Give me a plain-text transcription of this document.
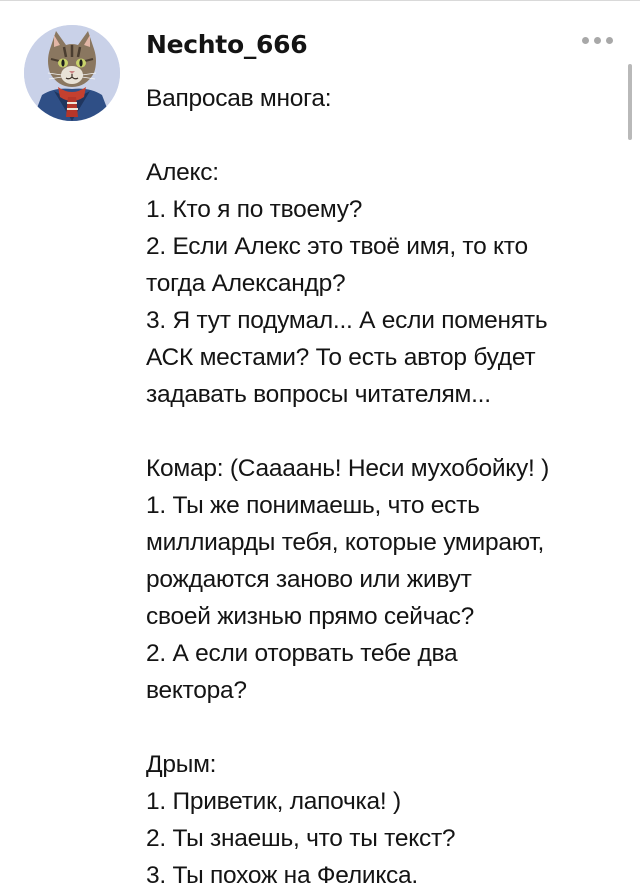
Nechto_666
Вапросав многа:
Алекс:
1. Кто я по твоему?
2. Если Алекс это твоё имя, то кто
тогда Александр?
3. Я тут подумал... А если поменять
АСК местами? То есть автор будет
задавать вопросы читателям...
Комар: (Саааань! Неси мухобойку! )
1. Ты же понимаешь, что есть
миллиарды тебя, которые умирают,
рождаются заново или живут
своей жизнью прямо сейчас?
2. А если оторвать тебе два
вектора?
Дрым:
1. Приветик, лапочка! )
2. Ты знаешь, что ты текст?
3. Ты похож на Феликса.
